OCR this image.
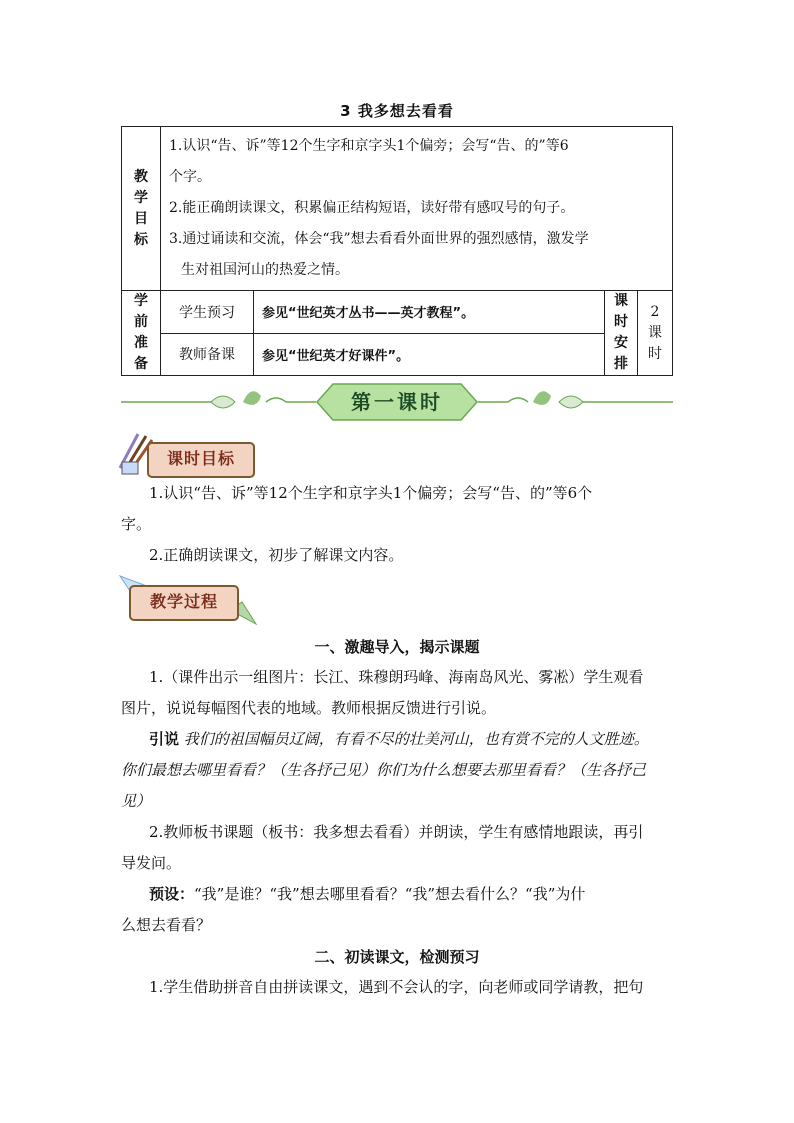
3 我多想去看看
教学目标	1.认识“告、诉”等12个生字和京字头1个偏旁；会写“告、的”等6
个字。
2.能正确朗读课文，积累偏正结构短语，读好带有感叹号的句子。
3.通过诵读和交流，体会“我”想去看看外面世界的强烈感情，激发学
生对祖国河山的热爱之情。			

学前准备	学生预习	参见“世纪英才丛书——英才教程”。	课时安排	2课时
	教师备课	参见“世纪英才好课件”。		
第一课时
课时目标
1.认识“告、诉”等12个生字和京字头1个偏旁；会写“告、的”等6个
字。
2.正确朗读课文，初步了解课文内容。
教学过程
一、激趣导入，揭示课题
1.（课件出示一组图片：长江、珠穆朗玛峰、海南岛风光、雾凇）学生观看
图片，说说每幅图代表的地域。教师根据反馈进行引说。
引说 我们的祖国幅员辽阔，有看不尽的壮美河山，也有赏不完的人文胜迹。
你们最想去哪里看看？（生各抒己见）你们为什么想要去那里看看？（生各抒己
见）
2.教师板书课题（板书：我多想去看看）并朗读，学生有感情地跟读，再引
导发问。
预设：“我”是谁？“我”想去哪里看看？“我”想去看什么？“我”为什
么想去看看？
二、初读课文，检测预习
1.学生借助拼音自由拼读课文，遇到不会认的字，向老师或同学请教，把句
